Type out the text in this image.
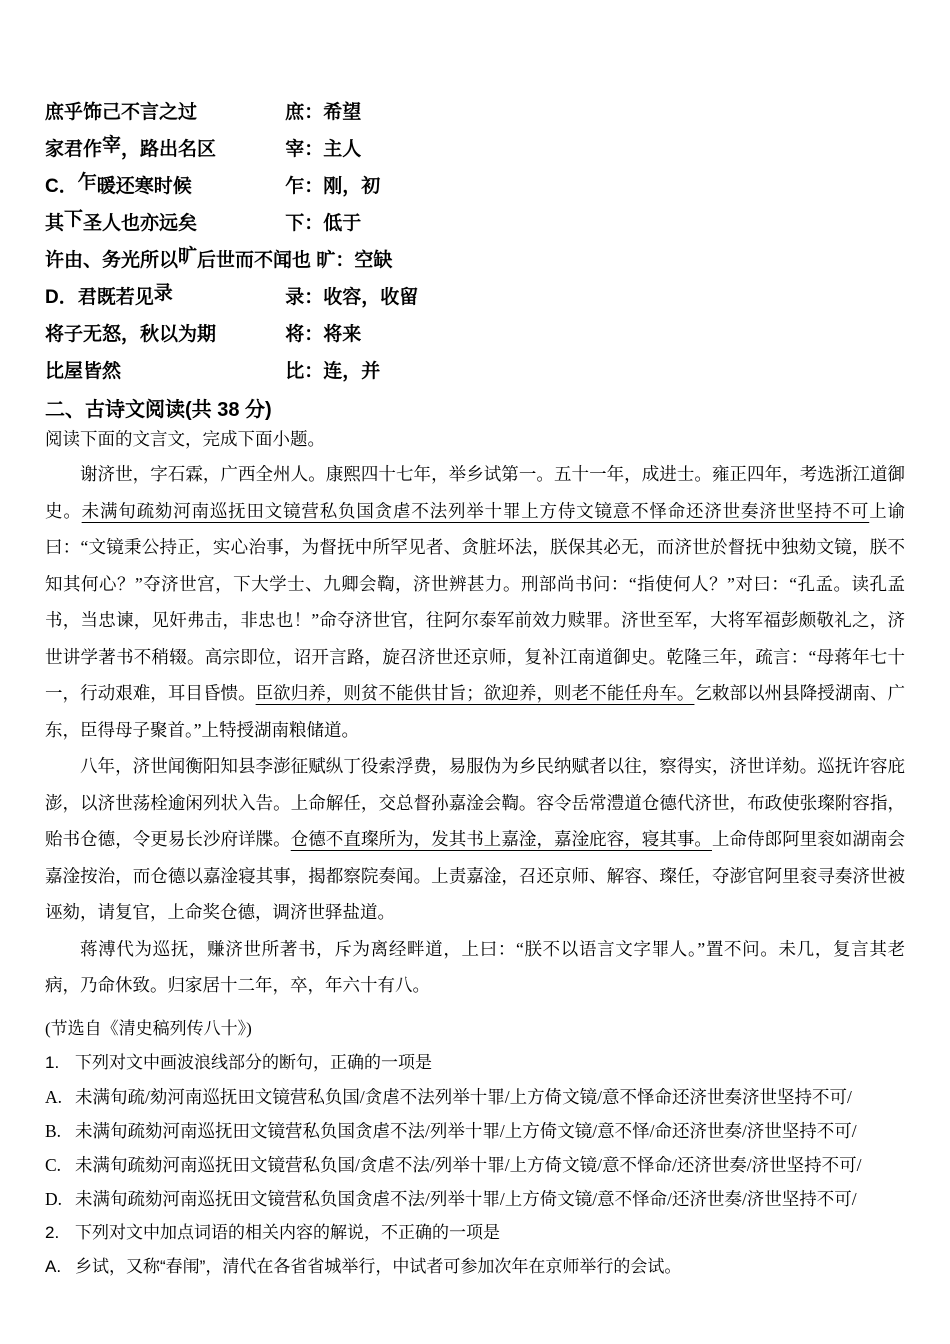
庶乎饰己不言之过	庶：希望
家君作宰，路出名区	宰：主人
C．乍暖还寒时候	乍：刚，初
其下圣人也亦远矣	下：低于
许由、务光所以旷后世而不闻也 旷：空缺
D．君既若见录	录：收容，收留
将子无怒，秋以为期	将：将来
比屋皆然	比：连，并
二、古诗文阅读(共 38 分)
阅读下面的文言文，完成下面小题。

谢济世，字石霖，广西全州人。康熙四十七年，举乡试第一。五十一年，成进士。雍正四年，考选浙江道御史。未满旬疏劾河南巡抚田文镜营私负国贪虐不法列举十罪上方侍文镜意不怿命还济世奏济世坚持不可上谕曰：“文镜秉公持正，实心治事，为督抚中所罕见者、贪脏坏法，朕保其必无，而济世於督抚中独劾文镜，朕不知其何心？”夺济世宫，下大学士、九卿会鞫，济世辨甚力。刑部尚书问：“指使何人？”对曰：“孔孟。读孔孟书，当忠谏，见奸弗击，非忠也！”命夺济世官，往阿尔泰军前效力赎罪。济世至军，大将军福彭颇敬礼之，济世讲学著书不稍辍。高宗即位，诏开言路，旋召济世还京师，复补江南道御史。乾隆三年，疏言：“母蒋年七十一，行动艰难，耳目昏愦。臣欲归养，则贫不能供甘旨；欲迎养，则老不能任舟车。乞敕部以州县降授湖南、广东，臣得母子聚首。”上特授湖南粮储道。

八年，济世闻衡阳知县李澎征赋纵丁役索浮费，易服伪为乡民纳赋者以往，察得实，济世详劾。巡抚许容庇澎，以济世荡栓逾闲列状入告。上命解任，交总督孙嘉淦会鞫。容令岳常澧道仓德代济世，布政使张璨附容指，贻书仓德，令更易长沙府详牒。仓德不直璨所为，发其书上嘉淦，嘉淦庇容，寝其事。上命侍郎阿里衮如湖南会嘉淦按治，而仓德以嘉淦寝其事，揭都察院奏闻。上责嘉淦，召还京师、解容、璨任，夺澎官阿里衮寻奏济世被诬劾，请复官，上命奖仓德，调济世驿盐道。

蒋溥代为巡抚，赚济世所著书，斥为离经畔道，上曰：“朕不以语言文字罪人。”置不问。未几，复言其老病，乃命休致。归家居十二年，卒，年六十有八。

(节选自《清史稿列传八十》)
1. 下列对文中画波浪线部分的断句，正确的一项是
A. 未满旬疏/劾河南巡抚田文镜营私负国/贪虐不法列举十罪/上方倚文镜/意不怿命还济世奏济世坚持不可/
B. 未满旬疏劾河南巡抚田文镜营私负国贪虐不法/列举十罪/上方倚文镜/意不怿/命还济世奏/济世坚持不可/
C. 未满旬疏劾河南巡抚田文镜营私负国/贪虐不法/列举十罪/上方倚文镜/意不怿命/还济世奏/济世坚持不可/
D. 未满旬疏劾河南巡抚田文镜营私负国贪虐不法/列举十罪/上方倚文镜/意不怿命/还济世奏/济世坚持不可/
2. 下列对文中加点词语的相关内容的解说，不正确的一项是
A. 乡试，又称“春闱”，清代在各省省城举行，中试者可参加次年在京师举行的会试。
